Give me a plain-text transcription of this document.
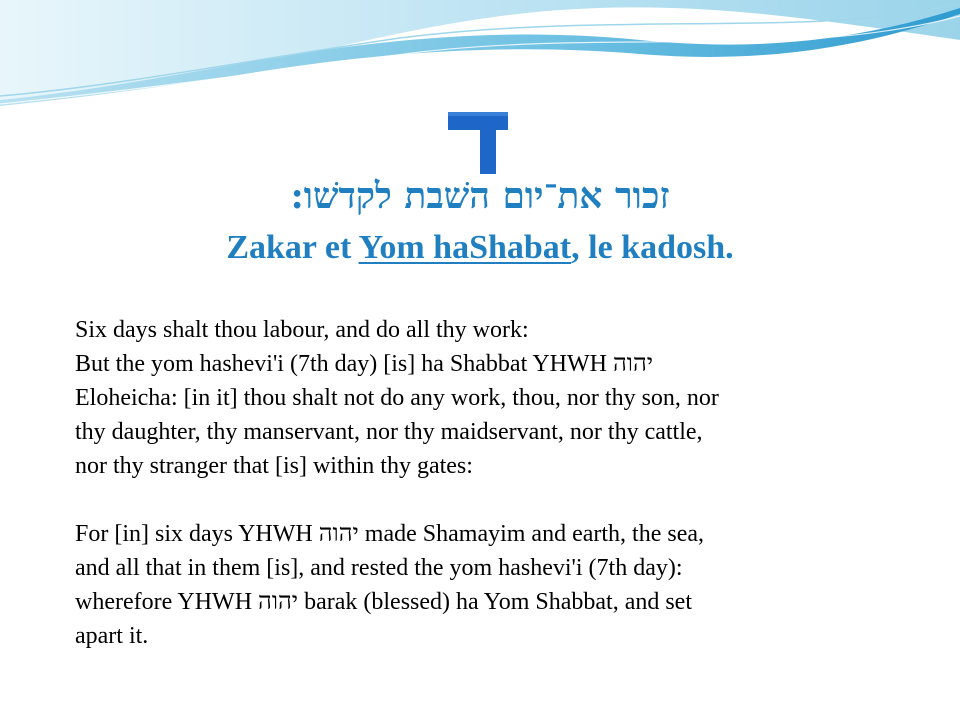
זכור את־יום השׁבת לקדשׁו:
Zakar et Yom haShabat, le kadosh.
Six days shalt thou labour, and do all thy work:
But the yom hashevi'i (7th day) [is] ha Shabbat YHWH יהוה
Eloheicha: [in it] thou shalt not do any work, thou, nor thy son, nor
thy daughter, thy manservant, nor thy maidservant, nor thy cattle,
nor thy stranger that [is] within thy gates:
For [in] six days YHWH יהוה made Shamayim and earth, the sea,
and all that in them [is], and rested the yom hashevi'i (7th day):
wherefore YHWH יהוה barak (blessed) ha Yom Shabbat, and set
apart it.
